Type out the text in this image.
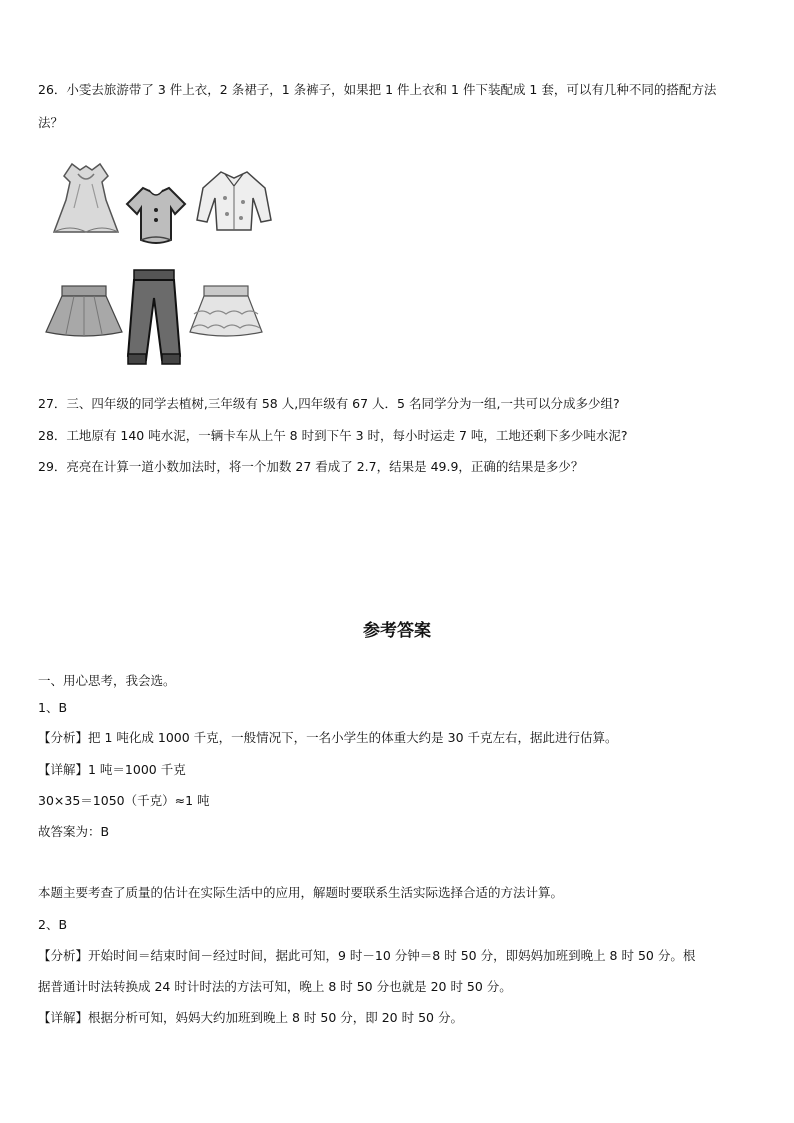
26．小雯去旅游带了 3 件上衣，2 条裙子，1 条裤子，如果把 1 件上衣和 1 件下装配成 1 套，可以有几种不同的搭配方法
法？
27．三、四年级的同学去植树,三年级有 58 人,四年级有 67 人．5 名同学分为一组,一共可以分成多少组?
28．工地原有 140 吨水泥，一辆卡车从上午 8 时到下午 3 时，每小时运走 7 吨，工地还剩下多少吨水泥?
29．亮亮在计算一道小数加法时，将一个加数 27 看成了 2.7，结果是 49.9，正确的结果是多少？
参考答案
一、用心思考，我会选。
1、B
【分析】把 1 吨化成 1000 千克，一般情况下，一名小学生的体重大约是 30 千克左右，据此进行估算。
【详解】1 吨＝1000 千克
30×35＝1050（千克）≈1 吨
故答案为：B
本题主要考查了质量的估计在实际生活中的应用，解题时要联系生活实际选择合适的方法计算。
2、B
【分析】开始时间＝结束时间－经过时间，据此可知，9 时－10 分钟＝8 时 50 分，即妈妈加班到晚上 8 时 50 分。根
据普通计时法转换成 24 时计时法的方法可知，晚上 8 时 50 分也就是 20 时 50 分。
【详解】根据分析可知，妈妈大约加班到晚上 8 时 50 分，即 20 时 50 分。
